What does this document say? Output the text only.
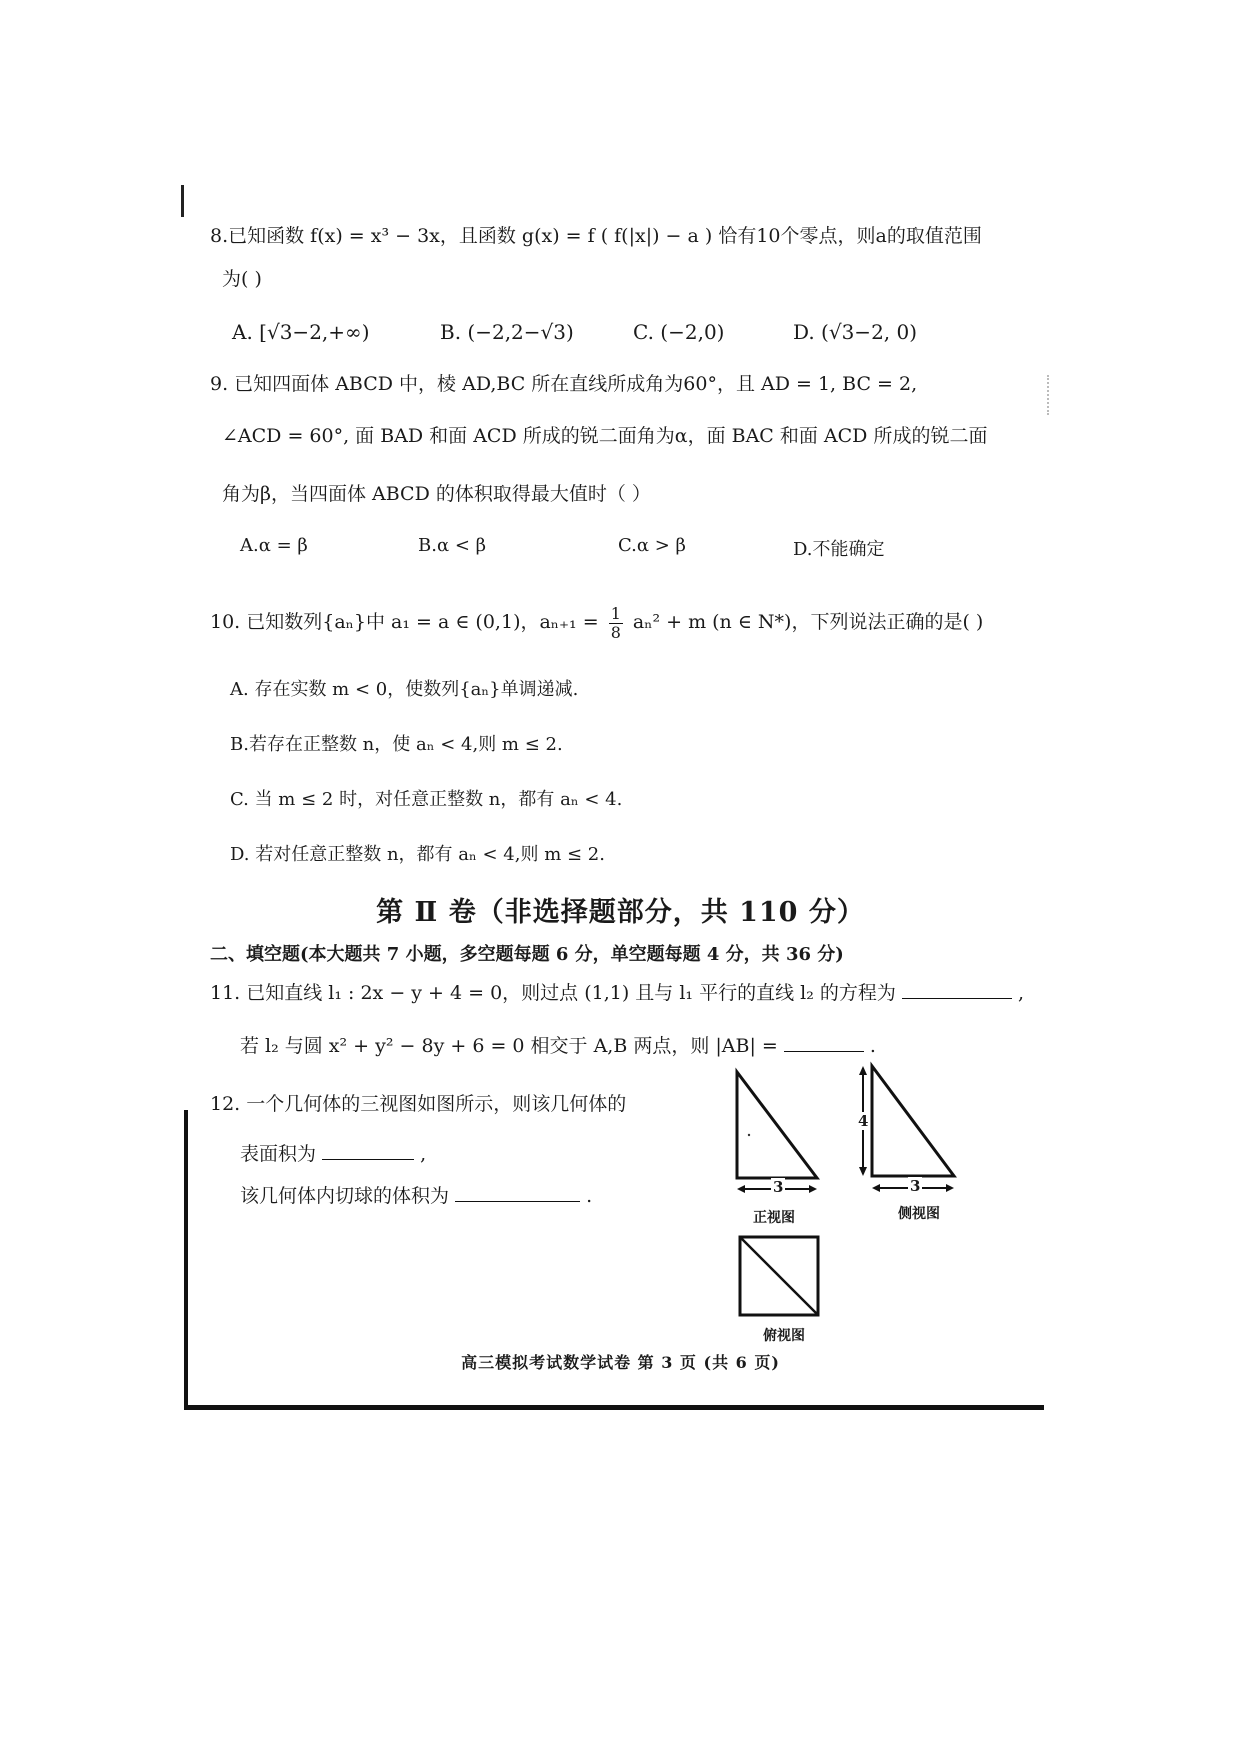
8.已知函数 f(x) = x³ − 3x，且函数 g(x) = f ( f(|x|) − a ) 恰有10个零点，则a的取值范围
为( )
A. [√3−2,+∞)	B. (−2,2−√3)	C. (−2,0)	D. (√3−2, 0)
9. 已知四面体 ABCD 中，棱 AD,BC 所在直线所成角为60°，且 AD = 1, BC = 2,
∠ACD = 60°, 面 BAD 和面 ACD 所成的锐二面角为α，面 BAC 和面 ACD 所成的锐二面
角为β，当四面体 ABCD 的体积取得最大值时（ ）
A.α = β	B.α < β	C.α > β	D.不能确定
10. 已知数列{aₙ}中 a₁ = a ∈ (0,1)，$a_{n+1} = \frac{1}{8} a_n^2 + m$ (n ∈ N*)，下列说法正确的是( )
A. 存在实数 m < 0，使数列{aₙ}单调递减.
B.若存在正整数 n，使 aₙ < 4,则 m ≤ 2.
C. 当 m ≤ 2 时，对任意正整数 n，都有 aₙ < 4.
D. 若对任意正整数 n，都有 aₙ < 4,则 m ≤ 2.
第 Ⅱ 卷（非选择题部分，共 110 分）
二、填空题(本大题共 7 小题，多空题每题 6 分，单空题每题 4 分，共 36 分)
11. 已知直线 l₁ : 2x − y + 4 = 0，则过点 (1,1) 且与 l₁ 平行的直线 l₂ 的方程为	,
若 l₂ 与圆 x² + y² − 8y + 6 = 0 相交于 A,B 两点，则 |AB| =	.
12. 一个几何体的三视图如图所示，则该几何体的
表面积为	,
该几何体内切球的体积为	.	3
正视图
4
3
侧视图
俯视图
高三模拟考试数学试卷 第 3 页 (共 6 页)
